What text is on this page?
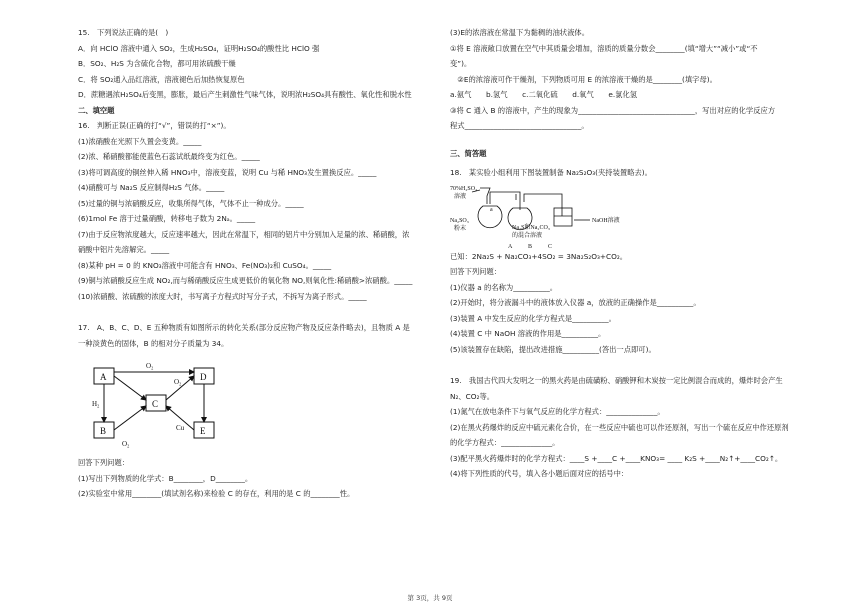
15.　下列说法正确的是(　)
A．向 HClO 溶液中通入 SO₂，生成H₂SO₄，证明H₂SO₄的酸性比 HClO 强
B．SO₂、H₂S 为含硫化合物，都可用浓硫酸干燥
C．将 SO₂通入品红溶液，溶液褪色后加热恢复原色
D．蔗糖遇浓H₂SO₄后变黑，膨胀，最后产生刺激性气味气体，说明浓H₂SO₄具有酸性、氧化性和脱水性
二、填空题
16.　判断正误(正确的打“√”，错误的打“×”)。
(1)浓硝酸在光照下久置会变黄。_____
(2)浓、稀硝酸都能使蓝色石蕊试纸最终变为红色。_____
(3)将可调高度的铜丝伸入稀 HNO₃中，溶液变蓝，说明 Cu 与稀 HNO₃发生置换反应。_____
(4)硝酸可与 Na₂S 反应制得H₂S 气体。_____
(5)过量的铜与浓硝酸反应，收集所得气体，气体不止一种成分。_____
(6)1mol Fe 溶于过量硝酸，转移电子数为 2Nₐ。_____
(7)由于反应物浓度越大，反应速率越大，因此在常温下，相同的铝片中分别加入足量的浓、稀硝酸，浓
硝酸中铝片先溶解完。_____
(8)某种 pH = 0 的 KNO₃溶液中可能含有 HNO₃、Fe(NO₃)₂和 CuSO₄。_____
(9)铜与浓硝酸反应生成 NO₂,而与稀硝酸反应生成更低价的氧化物 NO,则氧化性:稀硝酸>浓硝酸。_____
(10)浓硝酸、浓硫酸的浓度大时，书写离子方程式时写分子式，不拆写为离子形式。_____
17.　A、B、C、D、E 五种物质有如图所示的转化关系(部分反应物产物及反应条件略去)，且物质 A 是
一种淡黄色的固体，B 的相对分子质量为 34。
A
B
C
D
E
O₂
O₂
O₂
H₂
Cu
回答下列问题：
(1)写出下列物质的化学式：B________，D________。
(2)实验室中常用________(填试剂名称)来检验 C 的存在，利用的是 C 的________性。
(3)E的浓溶液在常温下为黏稠的油状液体。
①将 E 溶液敞口放置在空气中其质量会增加，溶质的质量分数会________(填“增大”“减小”或“不
变”)。
　②E的浓溶液可作干燥剂，下列物质可用 E 的浓溶液干燥的是________(填字母)。
a.氨气　　b.氢气　　c.二氧化硫　　d.氧气　　e.氯化氢
③将 C 通入 B 的溶液中，产生的现象为________________________________，写出对应的化学反应方
程式________________________________。
三、简答题
18.　某实验小组利用下图装置制备 Na₂S₂O₃(夹持装置略去)。
70%H₂SO₄
溶液
Na₂SO₃
粉末	Na₂S和Na₂CO₃
的混合溶液
NaOH溶液
a
A	B	C
已知：2Na₂S + Na₂CO₃+4SO₂ = 3Na₂S₂O₃+CO₂。
回答下列问题：
(1)仪器 a 的名称为__________。
(2)开始时，将分液漏斗中的液体放入仪器 a，放液的正确操作是__________。
(3)装置 A 中发生反应的化学方程式是__________。
(4)装置 C 中 NaOH 溶液的作用是__________。
(5)该装置存在缺陷，提出改进措施__________(答出一点即可)。
19.　我国古代四大发明之一的黑火药是由硫磺粉、硝酸钾和木炭按一定比例混合而成的，爆炸时会产生
N₂、CO₂等。
(1)氮气在放电条件下与氧气反应的化学方程式：______________。
(2)在黑火药爆炸的反应中硫元素化合价，在一些反应中硫也可以作还原剂，写出一个硫在反应中作还原剂
的化学方程式：______________。
(3)配平黑火药爆炸时的化学方程式：____S +____C +____KNO₃= ____ K₂S +____N₂↑+____CO₂↑。
(4)将下列性质的代号，填入各小题后面对应的括号中：
第 3页，共 9页
